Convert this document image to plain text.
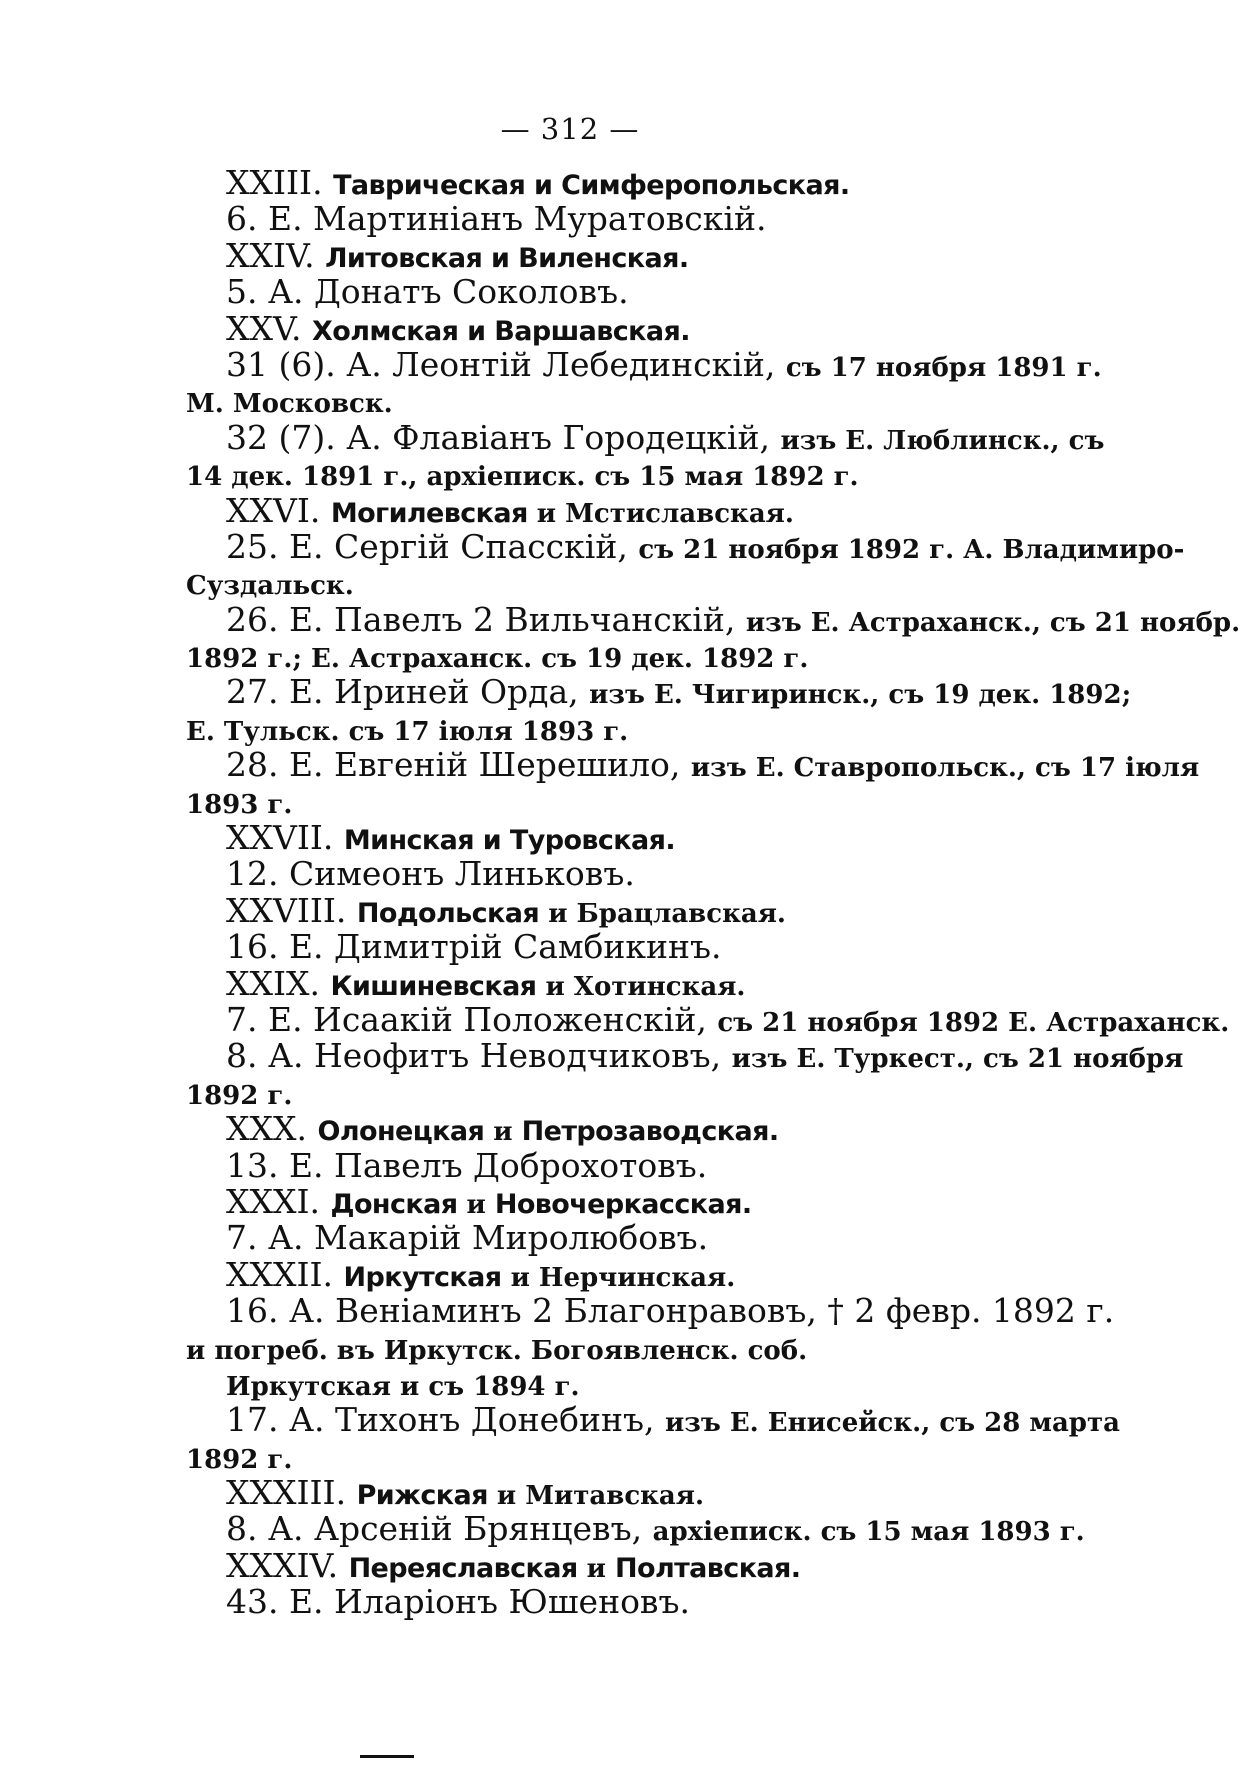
— 312 —
XXIII. Таврическая и Симферопольская.
6. Е. Мартиніанъ Муратовскій.
XXIV. Литовская и Виленская.
5. А. Донатъ Соколовъ.
XXV. Холмская и Варшавская.
31 (6). А. Леонтій Лебединскій, съ 17 ноября 1891 г.
М. Московск.
32 (7). А. Флавіанъ Городецкій, изъ Е. Люблинск., съ
14 дек. 1891 г., архіеписк. съ 15 мая 1892 г.
XXVI. Могилевская и Мстиславская.
25. Е. Сергій Спасскій, съ 21 ноября 1892 г. А. Владимиро-
Суздальск.
26. Е. Павелъ 2 Вильчанскій, изъ Е. Астраханск., съ 21 ноябр.
1892 г.; Е. Астраханск. съ 19 дек. 1892 г.
27. Е. Ириней Орда, изъ Е. Чигиринск., съ 19 дек. 1892;
Е. Тульск. съ 17 іюля 1893 г.
28. Е. Евгеній Шерешило, изъ Е. Ставропольск., съ 17 іюля
1893 г.
XXVII. Минская и Туровская.
12. Симеонъ Линьковъ.
XXVIII. Подольская и Брацлавская.
16. Е. Димитрій Самбикинъ.
XXIX. Кишиневская и Хотинская.
7. Е. Исаакій Положенскій, съ 21 ноября 1892 Е. Астраханск.
8. А. Неофитъ Неводчиковъ, изъ Е. Туркест., съ 21 ноября
1892 г.
XXX. Олонецкая и Петрозаводская.
13. Е. Павелъ Доброхотовъ.
XXXI. Донская и Новочеркасская.
7. А. Макарій Миролюбовъ.
XXXII. Иркутская и Нерчинская.
16. А. Веніаминъ 2 Благонравовъ, † 2 февр. 1892 г.
и погреб. въ Иркутск. Богоявленск. соб.
Иркутская и съ 1894 г.
17. А. Тихонъ Донебинъ, изъ Е. Енисейск., съ 28 марта
1892 г.
XXXIII. Рижская и Митавская.
8. А. Арсеній Брянцевъ, архіеписк. съ 15 мая 1893 г.
XXXIV. Переяславская и Полтавская.
43. Е. Иларіонъ Юшеновъ.
